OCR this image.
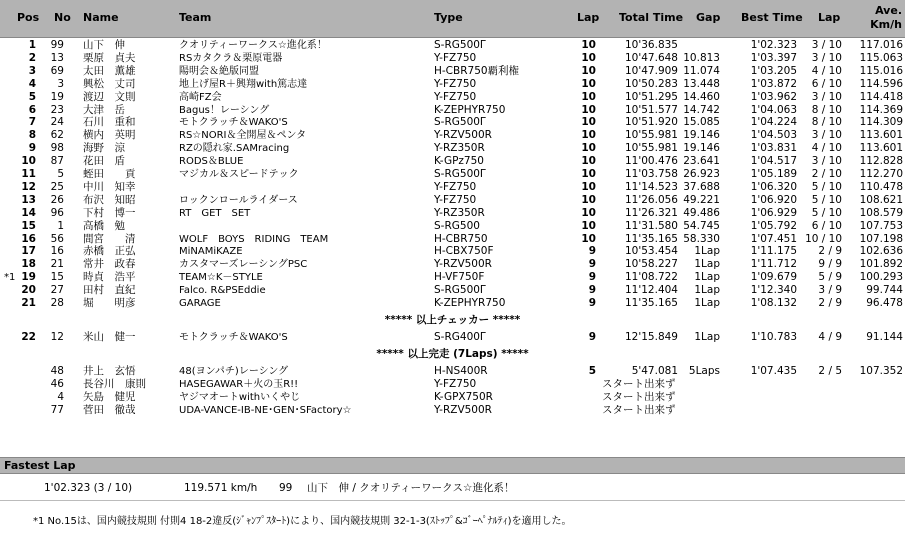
Pos No Name	Team	Type	Lap Total Time Gap Best Time Lap
Ave.
Km/h
1	99 山下　伸	クオリティーワークス☆進化系！	S-RG500Γ	10	10'36.835	1'02.323	3 / 10	117.016
2	13 栗原　貞夫	RSカタクラ＆栗原電器	Y-FZ750	10	10'47.648 10.813	1'03.397	3 / 10	115.063
3	69 太田　薫雄	陽明会＆絶版同盟	H-CBR750覇利権	10	10'47.909 11.074	1'03.205	4 / 10	115.016
4	3 興松　丈司	地上げ屋R＋興翔with篤志達	Y-FZ750	10	10'50.283 13.448	1'03.872	6 / 10	114.596
5	19 渡辺　文則	高崎FZ会	Y-FZ750	10	10'51.295 14.460	1'03.962	3 / 10	114.418
6	23 大津　岳	Bagus！レーシング	K-ZEPHYR750	10	10'51.577 14.742	1'04.063	8 / 10	114.369
7	24 石川　重和	モトクラッチ＆WAKO'S	S-RG500Γ	10	10'51.920 15.085	1'04.224	8 / 10	114.309
8	62 横内　英明	RS☆NORI＆全開屋＆ペンタ	Y-RZV500R	10	10'55.981 19.146	1'04.503	3 / 10	113.601
9	98 海野　涼	RZの隠れ家.SAMracing	Y-RZ350R	10	10'55.981 19.146	1'03.831	4 / 10	113.601
10	87 花田　盾	RODS＆BLUE	K-GPz750	10	11'00.476 23.641	1'04.517	3 / 10	112.828
11	5 蛭田　　貢	マジカル＆スピードテック	S-RG500Γ	10	11'03.758 26.923	1'05.189	2 / 10	112.270
12	25 中川　知幸	Y-FZ750	10	11'14.523 37.688	1'06.320	5 / 10	110.478
13	26 布沢　知昭	ロックンロールライダース	Y-FZ750	10	11'26.056 49.221	1'06.920	5 / 10	108.621
14	96 下村　博一	RT　GET　SET	Y-RZ350R	10	11'26.321 49.486	1'06.929	5 / 10	108.579
15	1 高橋　勉	S-RG500	10	11'31.580 54.745	1'05.792	6 / 10	107.753
16	56 間宮　　清	WOLF　BOYS　RIDING　TEAM	H-CBR750	10	11'35.165 58.330	1'07.451 10 / 10	107.198
17	16 赤橋　正弘	MiNAMiKAZE	H-CBX750F	9	10'53.454	1Lap	1'11.175	2 / 9	102.636
18	21 常井　政春	カスタマーズレーシングPSC	Y-RZV500R	9	10'58.227	1Lap	1'11.712	9 / 9	101.892
*1 19	15 時貞　浩平	TEAM☆K－STYLE	H-VF750F	9	11'08.722	1Lap	1'09.679	5 / 9	100.293
20	27 田村　直紀	Falco. R&PSEddie	S-RG500Γ	9	11'12.404	1Lap	1'12.340	3 / 9	99.744
21	28 堀　　明彦	GARAGE	K-ZEPHYR750	9	11'35.165	1Lap	1'08.132	2 / 9	96.478
***** 以上チェッカー *****
22	12 米山　健一	モトクラッチ＆WAKO'S	S-RG400Γ	9	12'15.849	1Lap	1'10.783	4 / 9	91.144
***** 以上完走 (7Laps) *****
48 井上　玄悟	48(ヨンパチ)レーシング	H-NS400R	5	5'47.081	5Laps	1'07.435	2 / 5	107.352
46 長谷川　康則	HASEGAWAR＋火の玉R!!	Y-FZ750	スタート出来ず
4 矢島　健児	ヤジマオートwithいくやじ	K-GPX750R	スタート出来ず
77 菅田　徹哉	UDA-VANCE-IB-NE･GEN･SFactory☆	Y-RZV500R	スタート出来ず
Fastest Lap
1'02.323 (3 / 10)	119.571 km/h 99 山下　伸 / クオリティーワークス☆進化系！
*1 No.15は、国内競技規則 付則4 18-2違反(ｼﾞｬﾝﾌﾟｽﾀｰﾄ)により、国内競技規則 32-1-3(ｽﾄｯﾌﾟ&ｺﾞｰﾍﾟﾅﾙﾃｨ)を適用した。
